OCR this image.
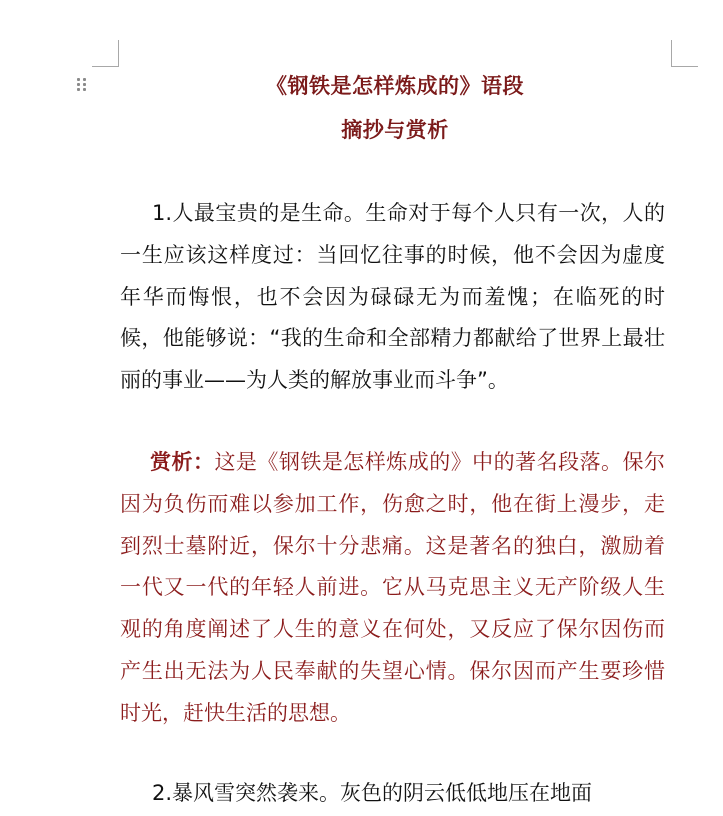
《钢铁是怎样炼成的》语段
摘抄与赏析

1.人最宝贵的是生命。生命对于每个人只有一次，人的一生应该这样度过：当回忆往事的时候，他不会因为虚度年华而悔恨，也不会因为碌碌无为而羞愧；在临死的时候，他能够说：“我的生命和全部精力都献给了世界上最壮丽的事业——为人类的解放事业而斗争”。

赏析：这是《钢铁是怎样炼成的》中的著名段落。保尔因为负伤而难以参加工作，伤愈之时，他在街上漫步，走到烈士墓附近，保尔十分悲痛。这是著名的独白，激励着一代又一代的年轻人前进。它从马克思主义无产阶级人生观的角度阐述了人生的意义在何处，又反应了保尔因伤而产生出无法为人民奉献的失望心情。保尔因而产生要珍惜时光，赶快生活的思想。

2.暴风雪突然袭来。灰色的阴云低低地压在地面
